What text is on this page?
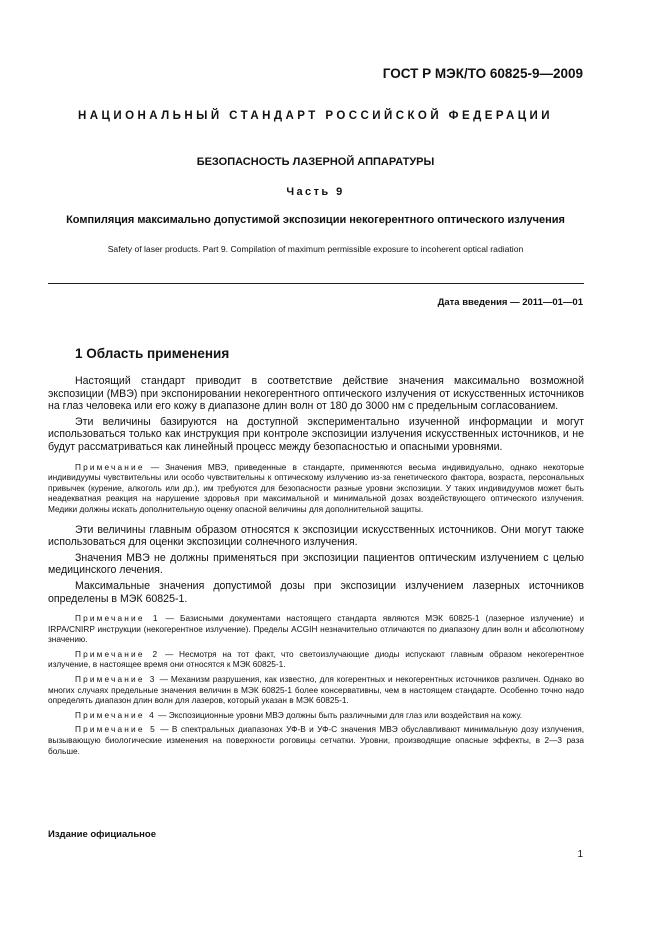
ГОСТ Р МЭК/ТО 60825-9—2009
НАЦИОНАЛЬНЫЙ СТАНДАРТ РОССИЙСКОЙ ФЕДЕРАЦИИ
БЕЗОПАСНОСТЬ ЛАЗЕРНОЙ АППАРАТУРЫ
Часть 9
Компиляция максимально допустимой экспозиции некогерентного оптического излучения
Safety of laser products. Part 9. Compilation of maximum permissible exposure to incoherent optical radiation
Дата введения — 2011—01—01
1 Область применения

Настоящий стандарт приводит в соответствие действие значения максимально возможной экспозиции (МВЭ) при экспонировании некогерентного оптического излучения от искусственных источников на глаз человека или его кожу в диапазоне длин волн от 180 до 3000 нм с предельным согласованием.

Эти величины базируются на доступной экспериментально изученной информации и могут использоваться только как инструкция при контроле экспозиции излучения искусственных источников, и не будут рассматриваться как линейный процесс между безопасностью и опасными уровнями.

Примечание — Значения МВЭ, приведенные в стандарте, применяются весьма индивидуально, однако некоторые индивидуумы чувствительны или особо чувствительны к оптическому излучению из-за генетического фактора, возраста, персональных привычек (курение, алкоголь или др.), им требуются для безопасности разные уровни экспозиции. У таких индивидуумов может быть неадекватная реакция на нарушение здоровья при максимальной и минимальной дозах воздействующего оптического излучения. Медики должны искать дополнительную оценку опасной величины для дополнительной защиты.

Эти величины главным образом относятся к экспозиции искусственных источников. Они могут также использоваться для оценки экспозиции солнечного излучения.

Значения МВЭ не должны применяться при экспозиции пациентов оптическим излучением с целью медицинского лечения.

Максимальные значения допустимой дозы при экспозиции излучением лазерных источников определены в МЭК 60825-1.

Примечание 1 — Базисными документами настоящего стандарта являются МЭК 60825-1 (лазерное излучение) и IRPA/CNIRP инструкции (некогерентное излучение). Пределы ACGIH незначительно отличаются по диапазону длин волн и абсолютному значению.

Примечание 2 — Несмотря на тот факт, что светоизлучающие диоды испускают главным образом некогерентное излучение, в настоящее время они относятся к МЭК 60825-1.

Примечание 3 — Механизм разрушения, как известно, для когерентных и некогерентных источников различен. Однако во многих случаях предельные значения величин в МЭК 60825-1 более консервативны, чем в настоящем стандарте. Особенно точно надо определять диапазон длин волн для лазеров, который указан в МЭК 60825-1.

Примечание 4 — Экспозиционные уровни МВЭ должны быть различными для глаз или воздействия на кожу.

Примечание 5 — В спектральных диапазонах УФ-В и УФ-С значения МВЭ обуславливают минимальную дозу излучения, вызывающую биологические изменения на поверхности роговицы сетчатки. Уровни, производящие опасные эффекты, в 2—3 раза больше.

Издание официальное
1
